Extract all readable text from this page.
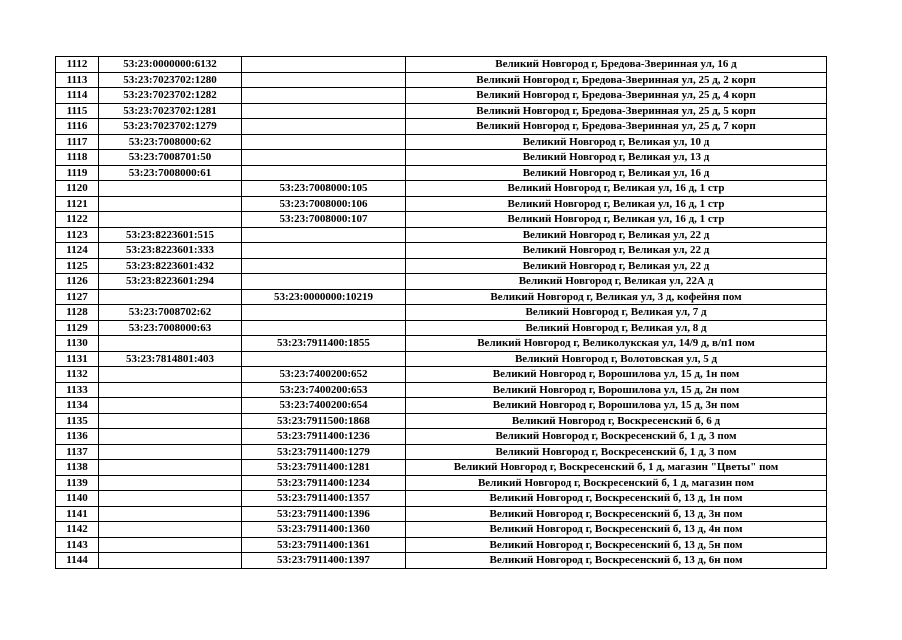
1112	53:23:0000000:6132		Великий Новгород г, Бредова-Зверинная ул, 16 д
1113	53:23:7023702:1280		Великий Новгород г, Бредова-Зверинная ул, 25 д, 2 корп
1114	53:23:7023702:1282		Великий Новгород г, Бредова-Зверинная ул, 25 д, 4 корп
1115	53:23:7023702:1281		Великий Новгород г, Бредова-Зверинная ул, 25 д, 5 корп
1116	53:23:7023702:1279		Великий Новгород г, Бредова-Зверинная ул, 25 д, 7 корп
1117	53:23:7008000:62		Великий Новгород г, Великая ул, 10 д
1118	53:23:7008701:50		Великий Новгород г, Великая ул, 13 д
1119	53:23:7008000:61		Великий Новгород г, Великая ул, 16 д
1120		53:23:7008000:105	Великий Новгород г, Великая ул, 16 д, 1 стр
1121		53:23:7008000:106	Великий Новгород г, Великая ул, 16 д, 1 стр
1122		53:23:7008000:107	Великий Новгород г, Великая ул, 16 д, 1 стр
1123	53:23:8223601:515		Великий Новгород г, Великая ул, 22 д
1124	53:23:8223601:333		Великий Новгород г, Великая ул, 22 д
1125	53:23:8223601:432		Великий Новгород г, Великая ул, 22 д
1126	53:23:8223601:294		Великий Новгород г, Великая ул, 22А д
1127		53:23:0000000:10219	Великий Новгород г, Великая ул, 3 д, кофейня пом
1128	53:23:7008702:62		Великий Новгород г, Великая ул, 7 д
1129	53:23:7008000:63		Великий Новгород г, Великая ул, 8 д
1130		53:23:7911400:1855	Великий Новгород г, Великолукская ул, 14/9 д, в/п1 пом
1131	53:23:7814801:403		Великий Новгород г, Волотовская ул, 5 д
1132		53:23:7400200:652	Великий Новгород г, Ворошилова ул, 15 д, 1н пом
1133		53:23:7400200:653	Великий Новгород г, Ворошилова ул, 15 д, 2н пом
1134		53:23:7400200:654	Великий Новгород г, Ворошилова ул, 15 д, 3н пом
1135		53:23:7911500:1868	Великий Новгород г, Воскресенский б, 6 д
1136		53:23:7911400:1236	Великий Новгород г, Воскресенский б, 1 д, 3 пом
1137		53:23:7911400:1279	Великий Новгород г, Воскресенский б, 1 д, 3 пом
1138		53:23:7911400:1281	Великий Новгород г, Воскресенский б, 1 д, магазин "Цветы" пом
1139		53:23:7911400:1234	Великий Новгород г, Воскресенский б, 1 д, магазин пом
1140		53:23:7911400:1357	Великий Новгород г, Воскресенский б, 13 д, 1н пом
1141		53:23:7911400:1396	Великий Новгород г, Воскресенский б, 13 д, 3н пом
1142		53:23:7911400:1360	Великий Новгород г, Воскресенский б, 13 д, 4н пом
1143		53:23:7911400:1361	Великий Новгород г, Воскресенский б, 13 д, 5н пом
1144		53:23:7911400:1397	Великий Новгород г, Воскресенский б, 13 д, 6н пом
